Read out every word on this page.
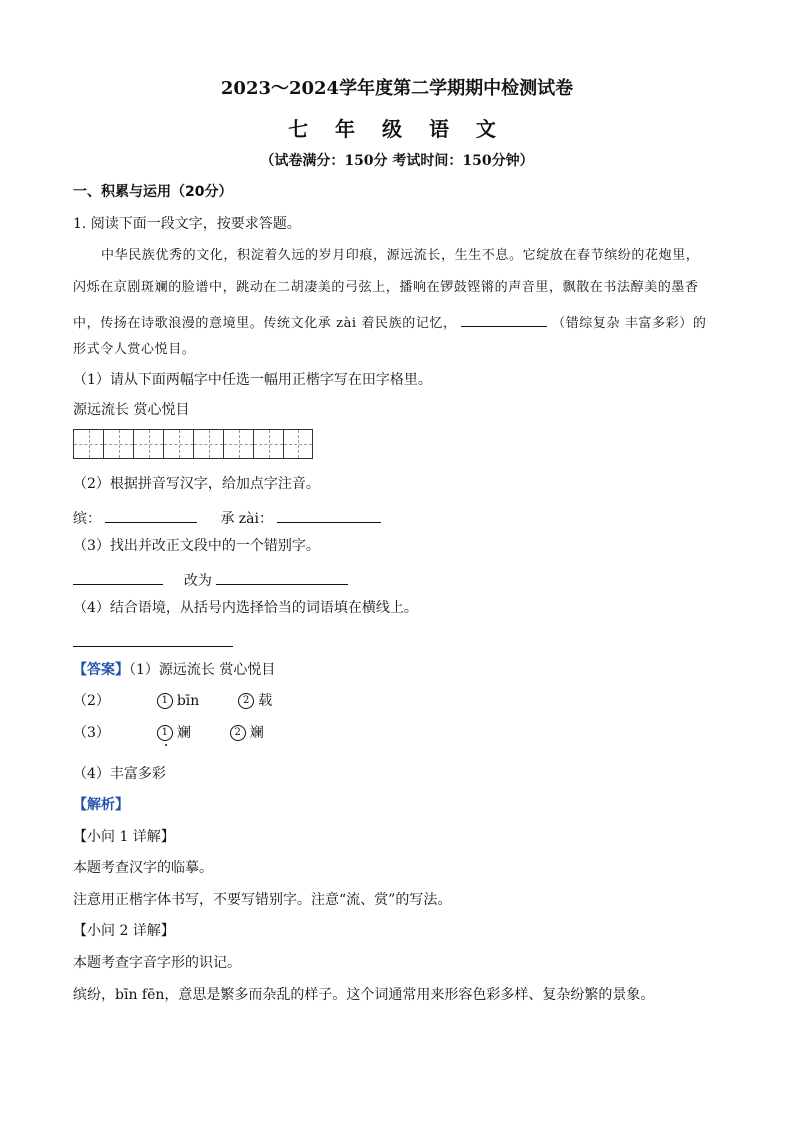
2023～2024学年度第二学期期中检测试卷
七 年 级 语 文
（试卷满分：150分 考试时间：150分钟）
一、积累与运用（20分）
1. 阅读下面一段文字，按要求答题。
中华民族优秀的文化，积淀着久远的岁月印痕，源远流长，生生不息。它绽放在春节缤纷的花炮里，
闪烁在京剧斑斓的脸谱中，跳动在二胡凄美的弓弦上，播响在锣鼓铿锵的声音里，飘散在书法醇美的墨香
中，传扬在诗歌浪漫的意境里。传统文化承 zài 着民族的记忆，	（错综复杂 丰富多彩）的
形式令人赏心悦目。
（1）请从下面两幅字中任选一幅用正楷字写在田字格里。
源远流长 赏心悦目
（2）根据拼音写汉字，给加点字注音。
缤：	承 zài：
（3）找出并改正文段中的一个错别字。
改为
（4）结合语境，从括号内选择恰当的词语填在横线上。
【答案】（1）源远流长 赏心悦目
（2）	1 bīn	2 载
（3）	1 斓	2 斓
（4）丰富多彩
【解析】
【小问 1 详解】
本题考查汉字的临摹。
注意用正楷字体书写，不要写错别字。注意“流、赏”的写法。
【小问 2 详解】
本题考查字音字形的识记。
缤纷，bīn fēn，意思是繁多而杂乱的样子。这个词通常用来形容色彩多样、复杂纷繁的景象。
